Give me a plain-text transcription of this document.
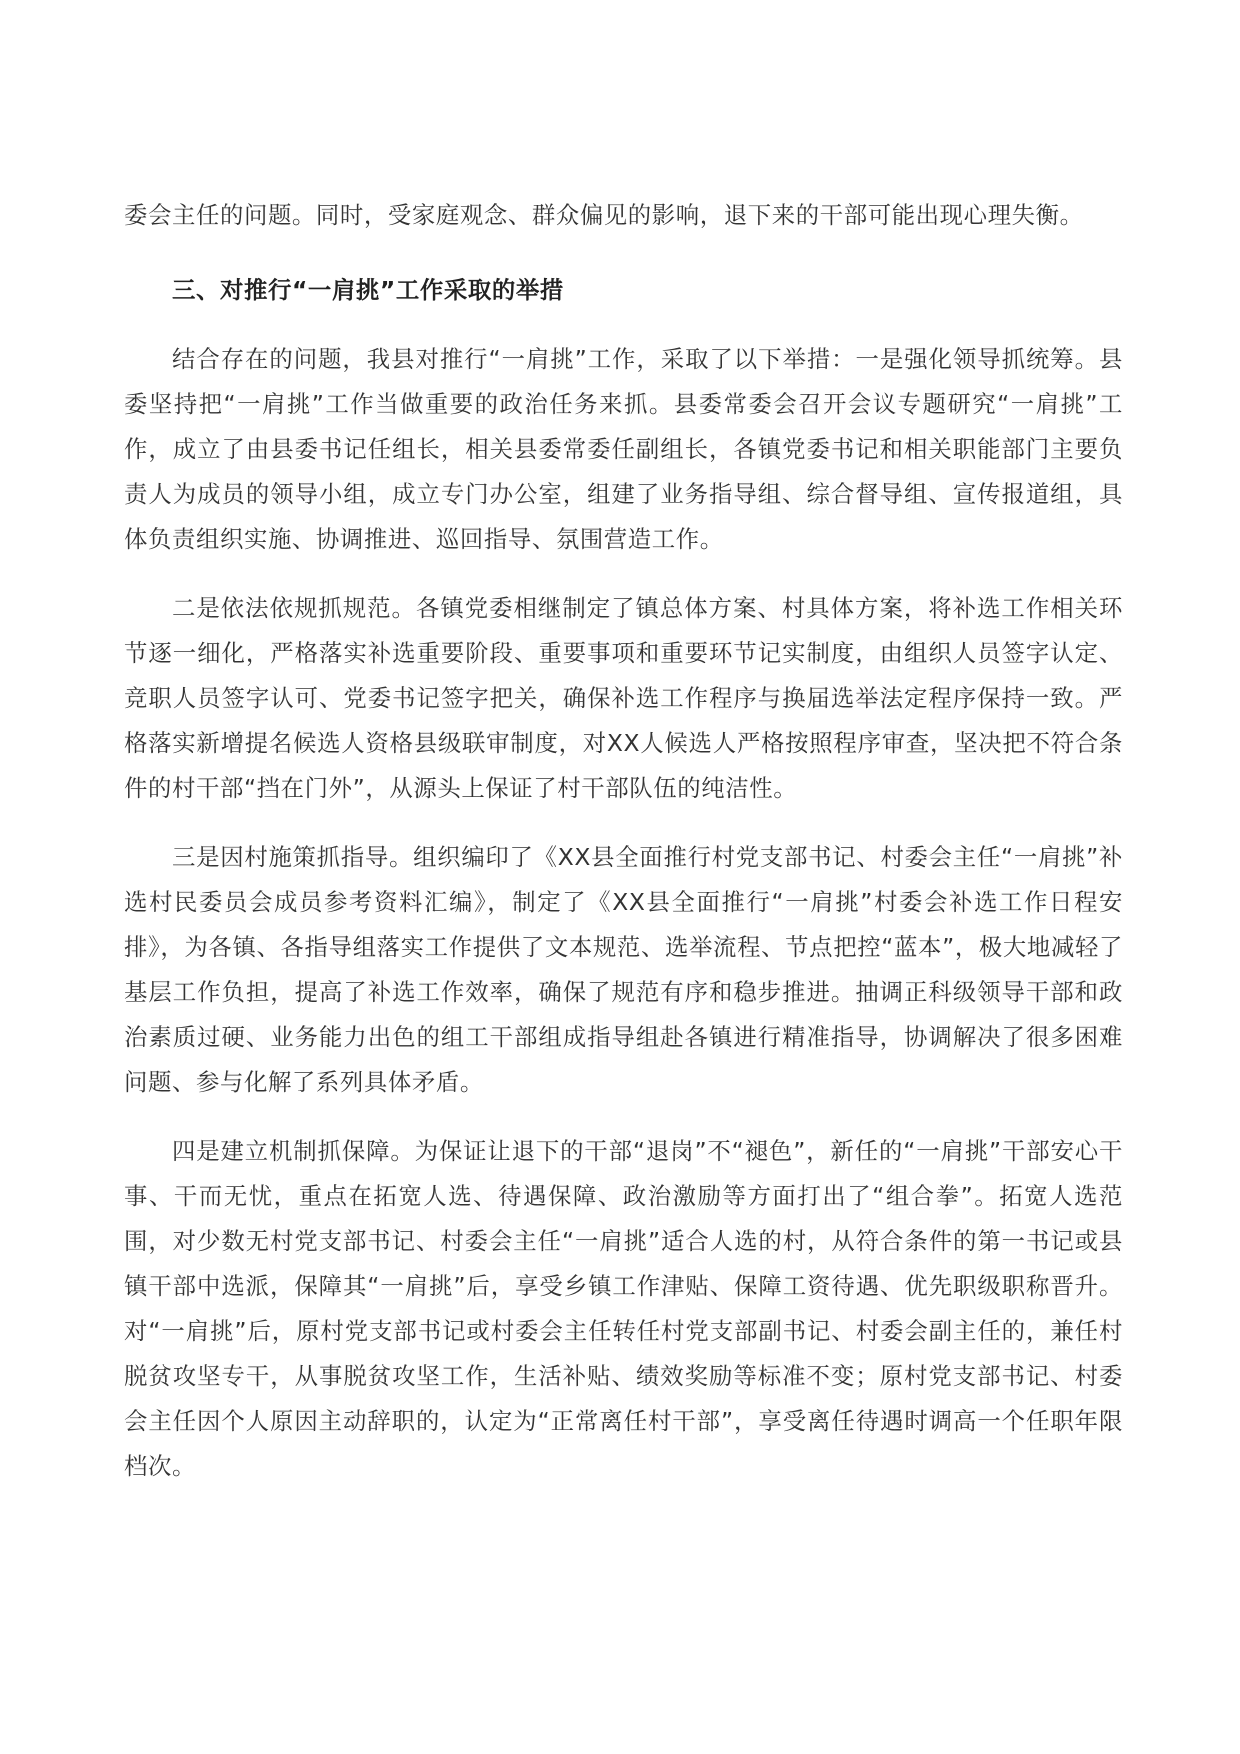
委会主任的问题。同时，受家庭观念、群众偏见的影响，退下来的干部可能出现心理失衡。

三、对推行“一肩挑”工作采取的举措

结合存在的问题，我县对推行“一肩挑”工作，采取了以下举措：一是强化领导抓统筹。县委坚持把“一肩挑”工作当做重要的政治任务来抓。县委常委会召开会议专题研究“一肩挑”工作，成立了由县委书记任组长，相关县委常委任副组长，各镇党委书记和相关职能部门主要负责人为成员的领导小组，成立专门办公室，组建了业务指导组、综合督导组、宣传报道组，具体负责组织实施、协调推进、巡回指导、氛围营造工作。

二是依法依规抓规范。各镇党委相继制定了镇总体方案、村具体方案，将补选工作相关环节逐一细化，严格落实补选重要阶段、重要事项和重要环节记实制度，由组织人员签字认定、竞职人员签字认可、党委书记签字把关，确保补选工作程序与换届选举法定程序保持一致。严格落实新增提名候选人资格县级联审制度，对XX人候选人严格按照程序审查，坚决把不符合条件的村干部“挡在门外”，从源头上保证了村干部队伍的纯洁性。

三是因村施策抓指导。组织编印了《XX县全面推行村党支部书记、村委会主任“一肩挑”补选村民委员会成员参考资料汇编》，制定了《XX县全面推行“一肩挑”村委会补选工作日程安排》，为各镇、各指导组落实工作提供了文本规范、选举流程、节点把控“蓝本”，极大地减轻了基层工作负担，提高了补选工作效率，确保了规范有序和稳步推进。抽调正科级领导干部和政治素质过硬、业务能力出色的组工干部组成指导组赴各镇进行精准指导，协调解决了很多困难问题、参与化解了系列具体矛盾。

四是建立机制抓保障。为保证让退下的干部“退岗”不“褪色”，新任的“一肩挑”干部安心干事、干而无忧，重点在拓宽人选、待遇保障、政治激励等方面打出了“组合拳”。拓宽人选范围，对少数无村党支部书记、村委会主任“一肩挑”适合人选的村，从符合条件的第一书记或县镇干部中选派，保障其“一肩挑”后，享受乡镇工作津贴、保障工资待遇、优先职级职称晋升。对“一肩挑”后，原村党支部书记或村委会主任转任村党支部副书记、村委会副主任的，兼任村脱贫攻坚专干，从事脱贫攻坚工作，生活补贴、绩效奖励等标准不变；原村党支部书记、村委会主任因个人原因主动辞职的，认定为“正常离任村干部”，享受离任待遇时调高一个任职年限档次。
